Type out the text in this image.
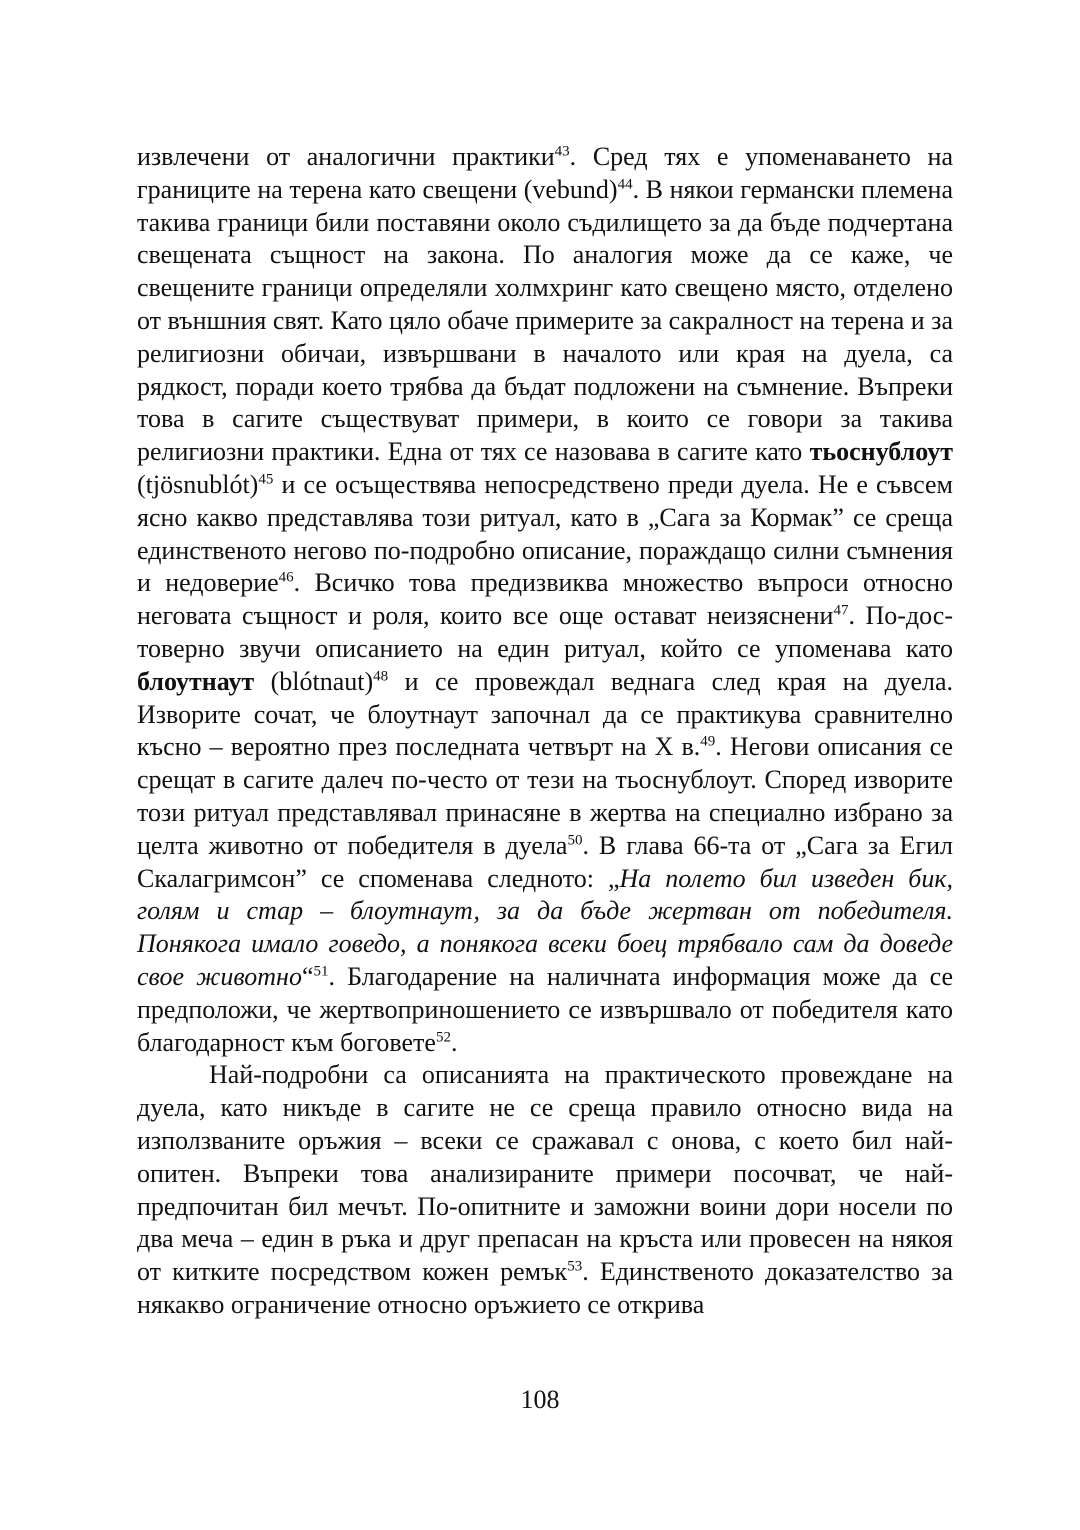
извлечени от аналогични практики$^{43}$. Сред тях е упоменаването на границите на терена като свещени (vebund)$^{44}$. В някои германски племена такива граници били поставяни около съдилището за да бъде подчертана свещената същност на закона. По аналогия може да се каже, че свещените граници определяли холмхринг като свещено място, отделено от външния свят. Като цяло обаче примерите за сакралност на терена и за религиозни обичаи, извършвани в началото или края на дуела, са рядкост, поради което трябва да бъдат подложени на съмнение. Въпреки това в сагите съществуват примери, в които се говори за такива религиозни практики. Една от тях се назовава в сагите като тьоснублоут (tjösnublót)$^{45}$ и се осъществява непосредствено преди дуела. Не е съвсем ясно какво представлява този ритуал, като в „Сага за Кормак” се среща единственото негово по-подробно описание, пораждащо силни съмнения и недоверие$^{46}$. Всичко това предизвиква множество въпроси относно неговата същност и роля, които все още остават неизяснени$^{47}$. По-достоверно звучи описанието на един ритуал, който се упоменава като блоутнаут (blótnaut)$^{48}$ и се провеждал веднага след края на дуела. Изворите сочат, че блоутнаут започнал да се практикува сравнително късно – вероятно през последната четвърт на Х в.$^{49}$. Негови описания се срещат в сагите далеч по-често от тези на тьоснублоут. Според изворите този ритуал представлявал принасяне в жертва на специално избрано за целта животно от победителя в дуела$^{50}$. В глава 66-та от „Сага за Егил Скалагримсон” се споменава следното: „На полето бил изведен бик, голям и стар – блоутнаут, за да бъде жертван от победителя. Понякога имало говедо, а понякога всеки боец трябвало сам да доведе свое животно“$^{51}$. Благодарение на наличната информация може да се предположи, че жертвоприношението се извършвало от победителя като благодарност към боговете$^{52}$.

Най-подробни са описанията на практическото провеждане на дуела, като никъде в сагите не се среща правило относно вида на използваните оръжия – всеки се сражавал с онова, с което бил най-опитен. Въпреки това анализираните примери посочват, че най-предпочитан бил мечът. По-опитните и заможни воини дори носели по два меча – един в ръка и друг препасан на кръста или провесен на някоя от китките посредством кожен ремък$^{53}$. Единственото доказателство за някакво ограничение относно оръжието се открива

108
